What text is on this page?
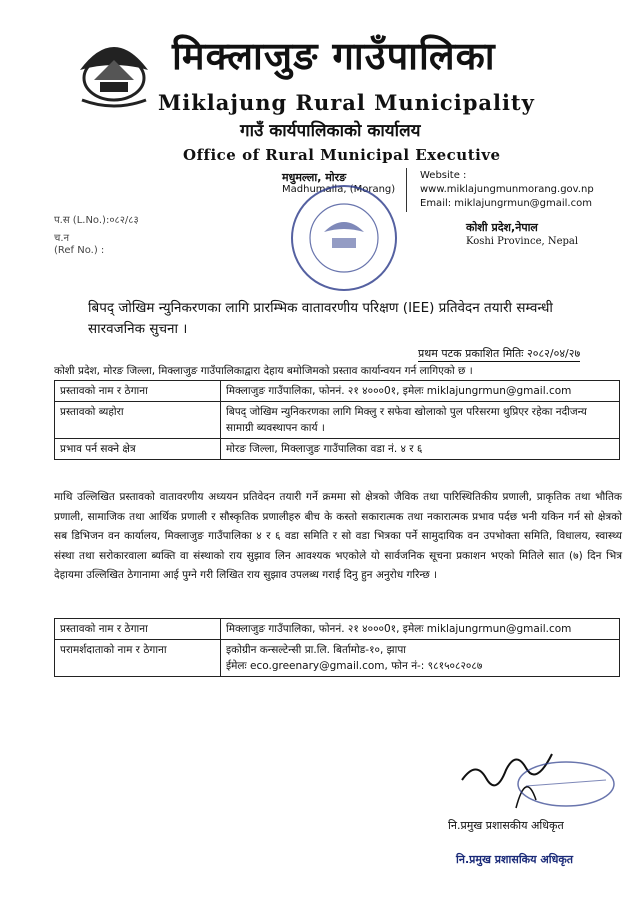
मिक्लाजुङ गाउँपालिका
Miklajung Rural Municipality
गाउँ कार्यपालिकाको कार्यालय
Office of Rural Municipal Executive
मधुमल्ला, मोरङ
Madhumalla, (Morang)
Website :
www.miklajungmunmorang.gov.np
Email: miklajungrmun@gmail.com
कोशी प्रदेश,नेपाल
Koshi Province, Nepal
प.स (L.No.):०८२/८३
च.न
(Ref No.) :
बिपद् जोखिम न्युनिकरणका लागि प्रारम्भिक वातावरणीय परिक्षण (IEE) प्रतिवेदन तयारी सम्वन्धी सारवजनिक सुचना ।
प्रथम पटक प्रकाशित मितिः २०८२/०४/२७
कोशी प्रदेश, मोरङ जिल्ला, मिक्लाजुङ गाउँपालिकाद्वारा देहाय बमोजिमको प्रस्ताव कार्यान्वयन गर्न लागिएको छ ।
प्रस्तावको नाम र ठेगाना	मिक्लाजुङ गाउँपालिका, फोननं. २१ ४०००0१, इमेलः miklajungrmun@gmail.com
प्रस्तावको ब्यहोरा	बिपद् जोखिम न्युनिकरणका लागि मिक्लु र सफेवा खोलाको पुल परिसरमा थुप्रिएर रहेका नदीजन्य सामाग्री ब्यवस्थापन कार्य ।
प्रभाव पर्न सक्ने क्षेत्र	मोरङ जिल्ला, मिक्लाजुङ गाउँपालिका वडा नं. ४ र ६
माथि उल्लिखित प्रस्तावको वातावरणीय अध्ययन प्रतिवेदन तयारी गर्ने क्रममा सो क्षेत्रको जैविक तथा पारिस्थितिकीय प्रणाली, प्राकृतिक तथा भौतिक प्रणाली, सामाजिक तथा आर्थिक प्रणाली र सौस्कृतिक प्रणालीहरु बीच के कस्तो सकारात्मक तथा नकारात्मक प्रभाव पर्दछ भनी यकिन गर्न सो क्षेत्रको सब डिभिजन वन कार्यालय, मिक्लाजुङ गाउँपालिका ४ र ६ वडा समिति र सो वडा भित्रका पर्ने सामुदायिक वन उपभोक्ता समिति, विधालय, स्वास्थ्य संस्था तथा सरोकारवाला ब्यक्ति वा संस्थाको राय सुझाव लिन आवश्यक भएकोले यो सार्वजनिक सूचना प्रकाशन भएको मितिले सात (७) दिन भित्र देहायमा उल्लिखित ठेगानामा आई पुग्ने गरी लिखित राय सुझाव उपलब्ध गराई दिनु हुन अनुरोध गरिन्छ ।
प्रस्तावको नाम र ठेगाना	मिक्लाजुङ गाउँपालिका, फोननं. २१ ४०००0१, इमेलः miklajungrmun@gmail.com
परामर्शदाताको नाम र ठेगाना	इकोग्रीन कन्सल्टेन्सी प्रा.लि. बिर्तामोड-१०, झापा
ईमेलः eco.greenary@gmail.com, फोन नं-: ९८१५०८२०८७
नि.प्रमुख प्रशासकीय अधिकृत
नि.प्रमुख प्रशासकिय अधिकृत
